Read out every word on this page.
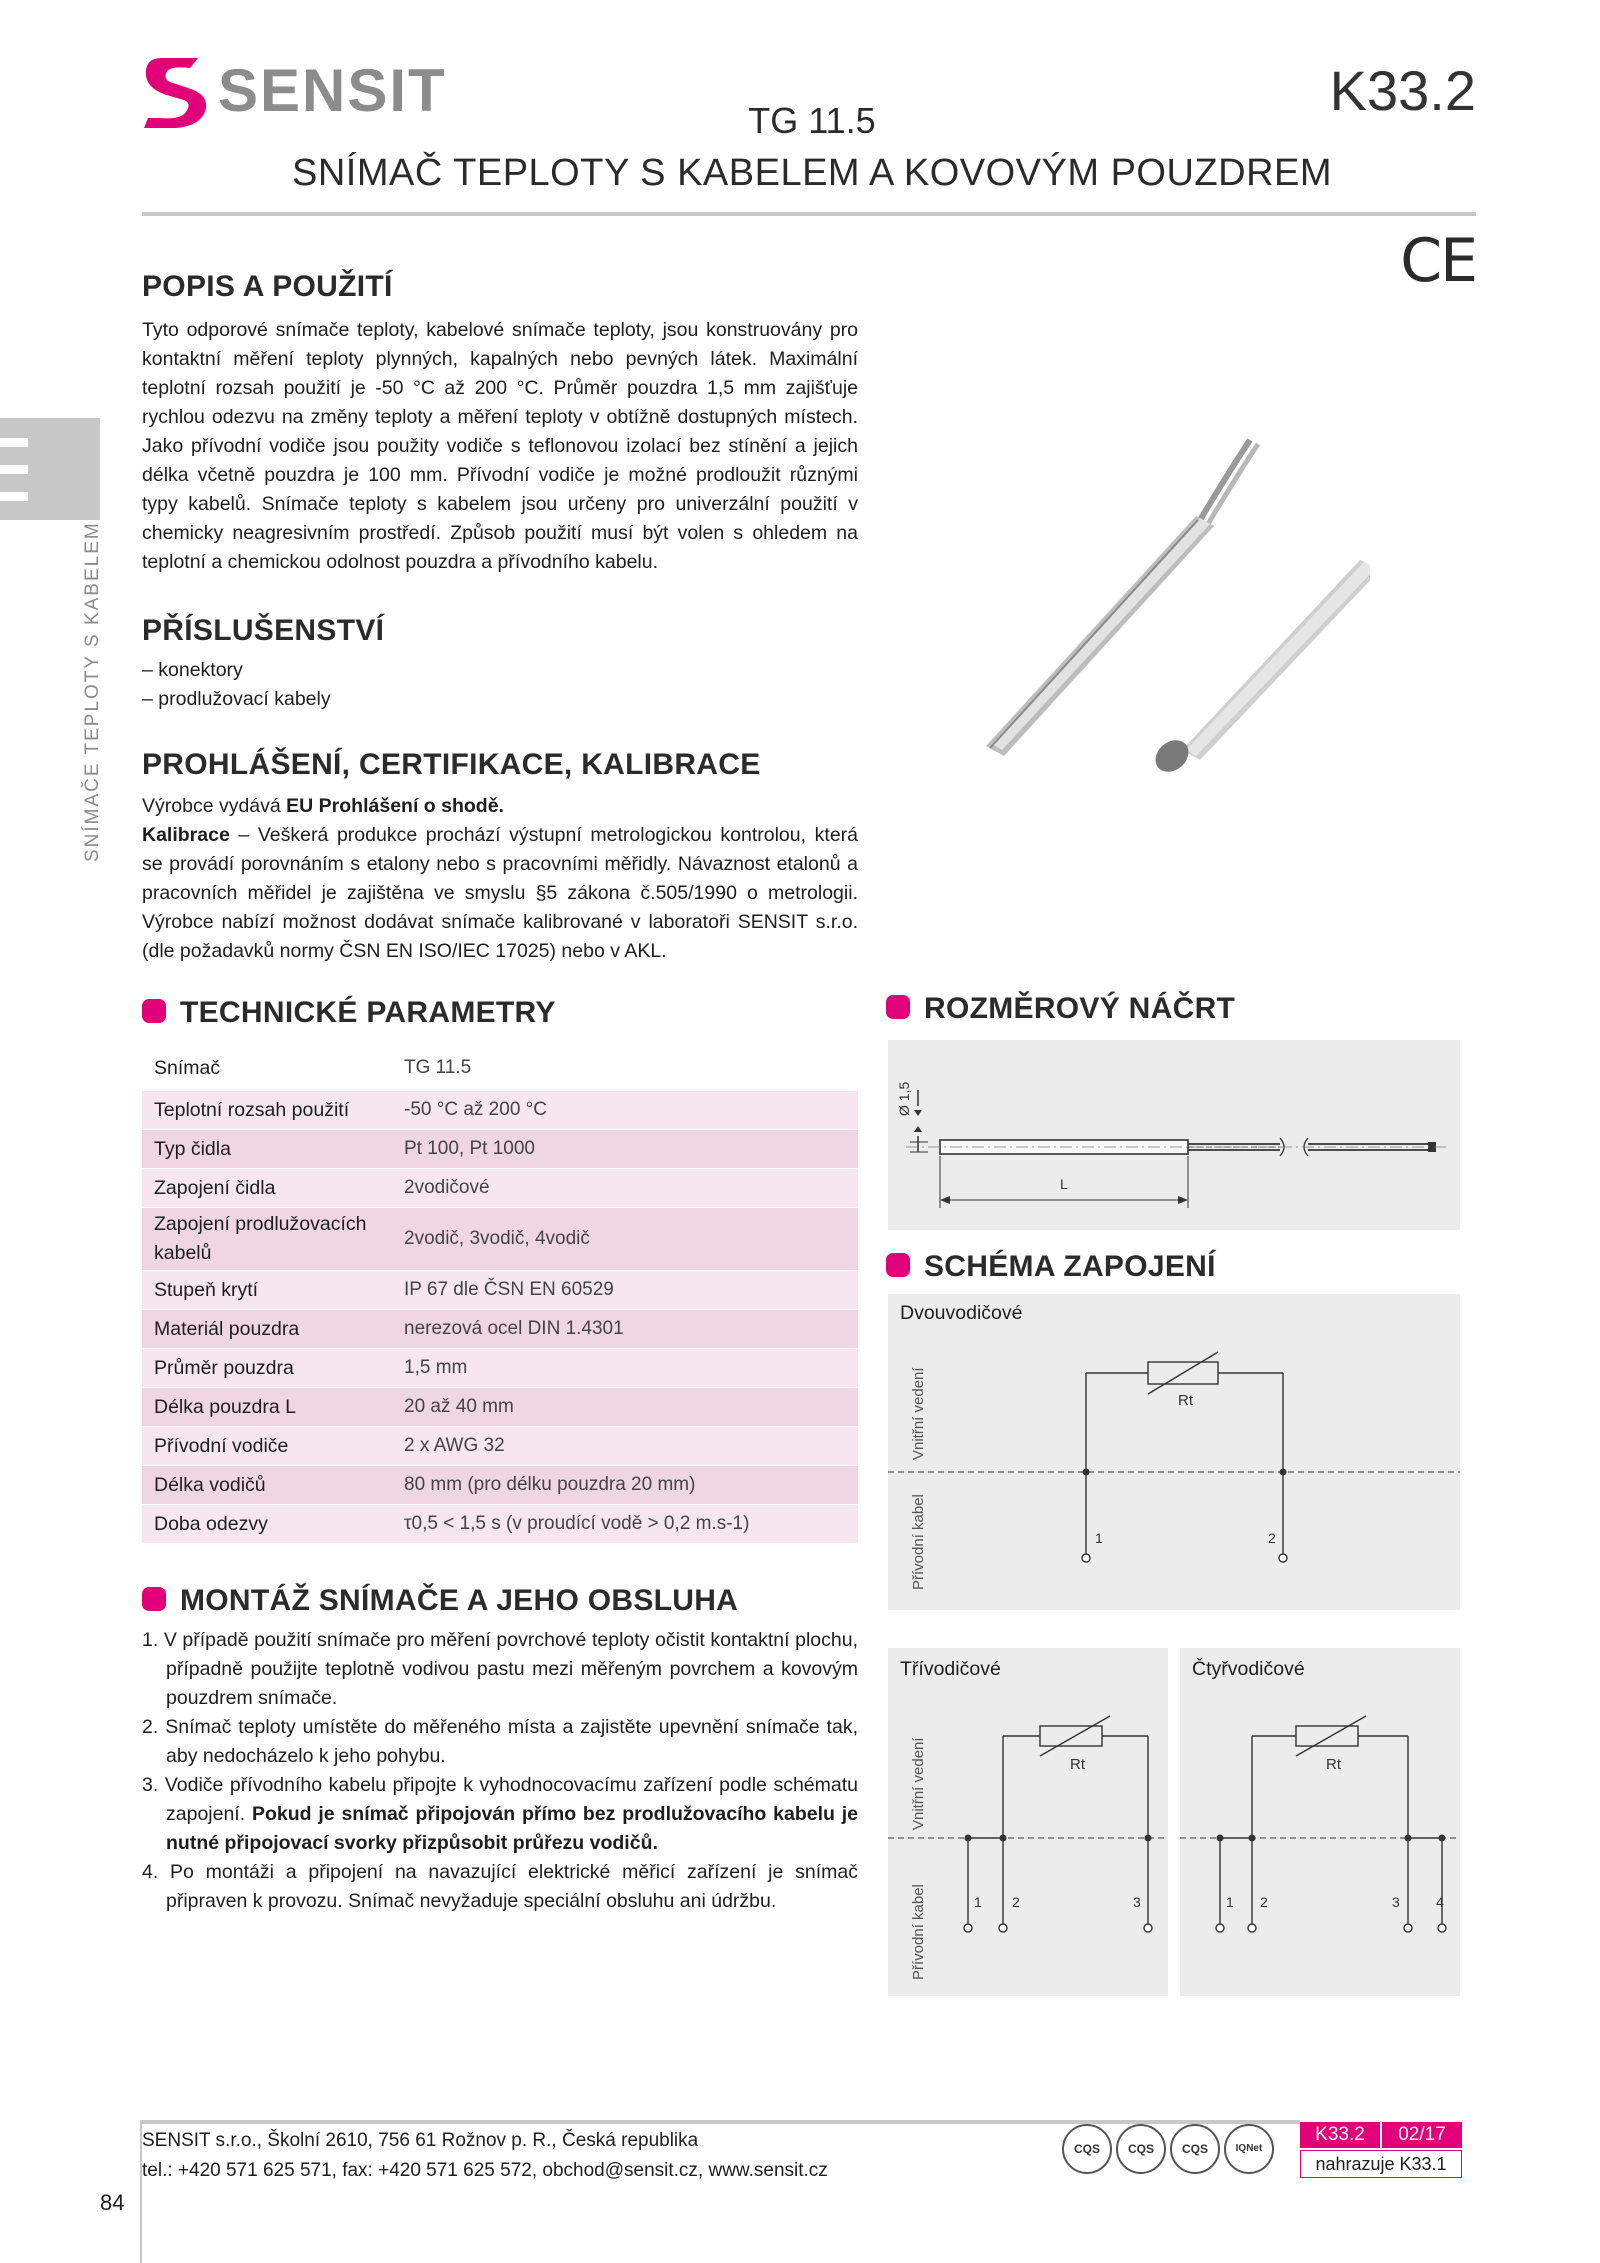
SENSIT	K33.2
TG 11.5
SNÍMAČ TEPLOTY S KABELEM A KOVOVÝM POUZDREM
CE
SNÍMAČE TEPLOTY S KABELEM
POPIS A POUŽITÍ

Tyto odporové snímače teploty, kabelové snímače teploty, jsou konstruovány pro kontaktní měření teploty plynných, kapalných nebo pevných látek. Maximální teplotní rozsah použití je -50 °C až 200 °C. Průměr pouzdra 1,5 mm zajišťuje rychlou odezvu na změny teploty a měření teploty v obtížně dostupných místech. Jako přívodní vodiče jsou použity vodiče s teflonovou izolací bez stínění a jejich délka včetně pouzdra je 100 mm. Přívodní vodiče je možné prodloužit různými typy kabelů. Snímače teploty s kabelem jsou určeny pro univerzální použití v chemicky neagresivním prostředí. Způsob použití musí být volen s ohledem na teplotní a chemickou odolnost pouzdra a přívodního kabelu.

PŘÍSLUŠENSTVÍ
– konektory
– prodlužovací kabely
PROHLÁŠENÍ, CERTIFIKACE, KALIBRACE

Výrobce vydává EU Prohlášení o shodě.
Kalibrace – Veškerá produkce prochází výstupní metrologickou kontrolou, která se provádí porovnáním s etalony nebo s pracovními měřidly. Návaznost etalonů a pracovních měřidel je zajištěna ve smyslu §5 zákona č.505/1990 o metrologii. Výrobce nabízí možnost dodávat snímače kalibrované v laboratoři SENSIT s.r.o. (dle požadavků normy ČSN EN ISO/IEC 17025) nebo v AKL.

TECHNICKÉ PARAMETRY
Snímač	TG 11.5
Teplotní rozsah použití	-50 °C až 200 °C
Typ čidla	Pt 100, Pt 1000
Zapojení čidla	2vodičové
Zapojení prodlužovacích kabelů	2vodič, 3vodič, 4vodič
Stupeň krytí	IP 67 dle ČSN EN 60529
Materiál pouzdra	nerezová ocel DIN 1.4301
Průměr pouzdra	1,5 mm
Délka pouzdra L	20 až 40 mm
Přívodní vodiče	2 x AWG 32
Délka vodičů	80 mm (pro délku pouzdra 20 mm)
Doba odezvy	τ0,5 < 1,5 s (v proudící vodě > 0,2 m.s-1)
ROZMĚROVÝ NÁČRT
Ø 1,5
L
SCHÉMA ZAPOJENÍ
Dvouvodičové
Rt
1	2
Vnitřní vedení
Přívodní kabel
Třívodičové
Rt
1 2	3
Vnitřní vedení
Přívodní kabel
Čtyřvodičové
Rt
1 2	3	4
MONTÁŽ SNÍMAČE A JEHO OBSLUHA
1. V případě použití snímače pro měření povrchové teploty očistit kontaktní plochu, případně použijte teplotně vodivou pastu mezi měřeným povrchem a kovovým pouzdrem snímače.
2. Snímač teploty umístěte do měřeného místa a zajistěte upevnění snímače tak, aby nedocházelo k jeho pohybu.
3. Vodiče přívodního kabelu připojte k vyhodnocovacímu zařízení podle schématu zapojení. Pokud je snímač připojován přímo bez prodlužovacího kabelu je nutné připojovací svorky přizpůsobit průřezu vodičů.
4. Po montáži a připojení na navazující elektrické měřicí zařízení je snímač připraven k provozu. Snímač nevyžaduje speciální obsluhu ani údržbu.
SENSIT s.r.o., Školní 2610, 756 61 Rožnov p. R., Česká republika
tel.: +420 571 625 571, fax: +420 571 625 572, obchod@sensit.cz, www.sensit.cz
84
CQS	CQS	CQS	IQNet
K33.2	02/17
nahrazuje K33.1
